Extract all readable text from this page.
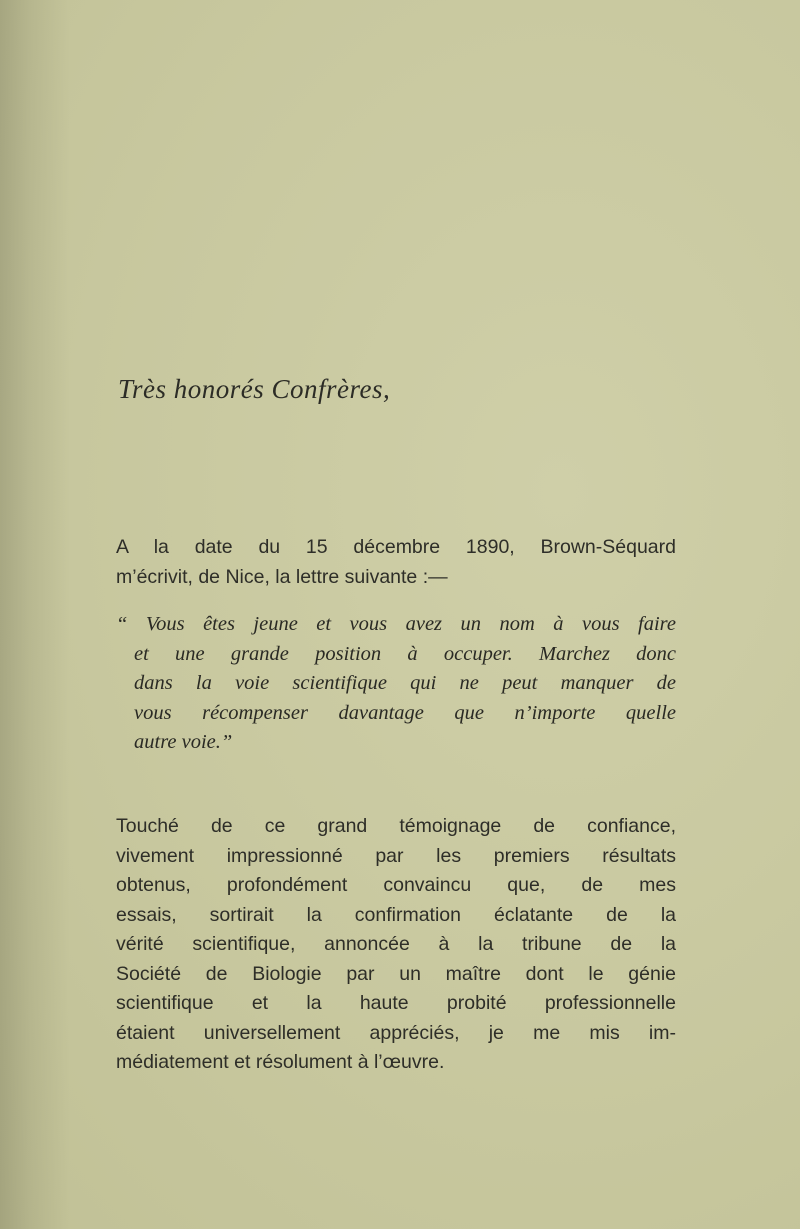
Très honorés Confrères,
A la date du 15 décembre 1890, Brown-Séquard
m’écrivit, de Nice, la lettre suivante :—
“ Vous êtes jeune et vous avez un nom à vous faire
et une grande position à occuper. Marchez donc
dans la voie scientifique qui ne peut manquer de
vous récompenser davantage que n’importe quelle
autre voie.”
Touché de ce grand témoignage de confiance,
vivement impressionné par les premiers résultats
obtenus, profondément convaincu que, de mes
essais, sortirait la confirmation éclatante de la
vérité scientifique, annoncée à la tribune de la
Société de Biologie par un maître dont le génie
scientifique et la haute probité professionnelle
étaient universellement appréciés, je me mis im-
médiatement et résolument à l’œuvre.
